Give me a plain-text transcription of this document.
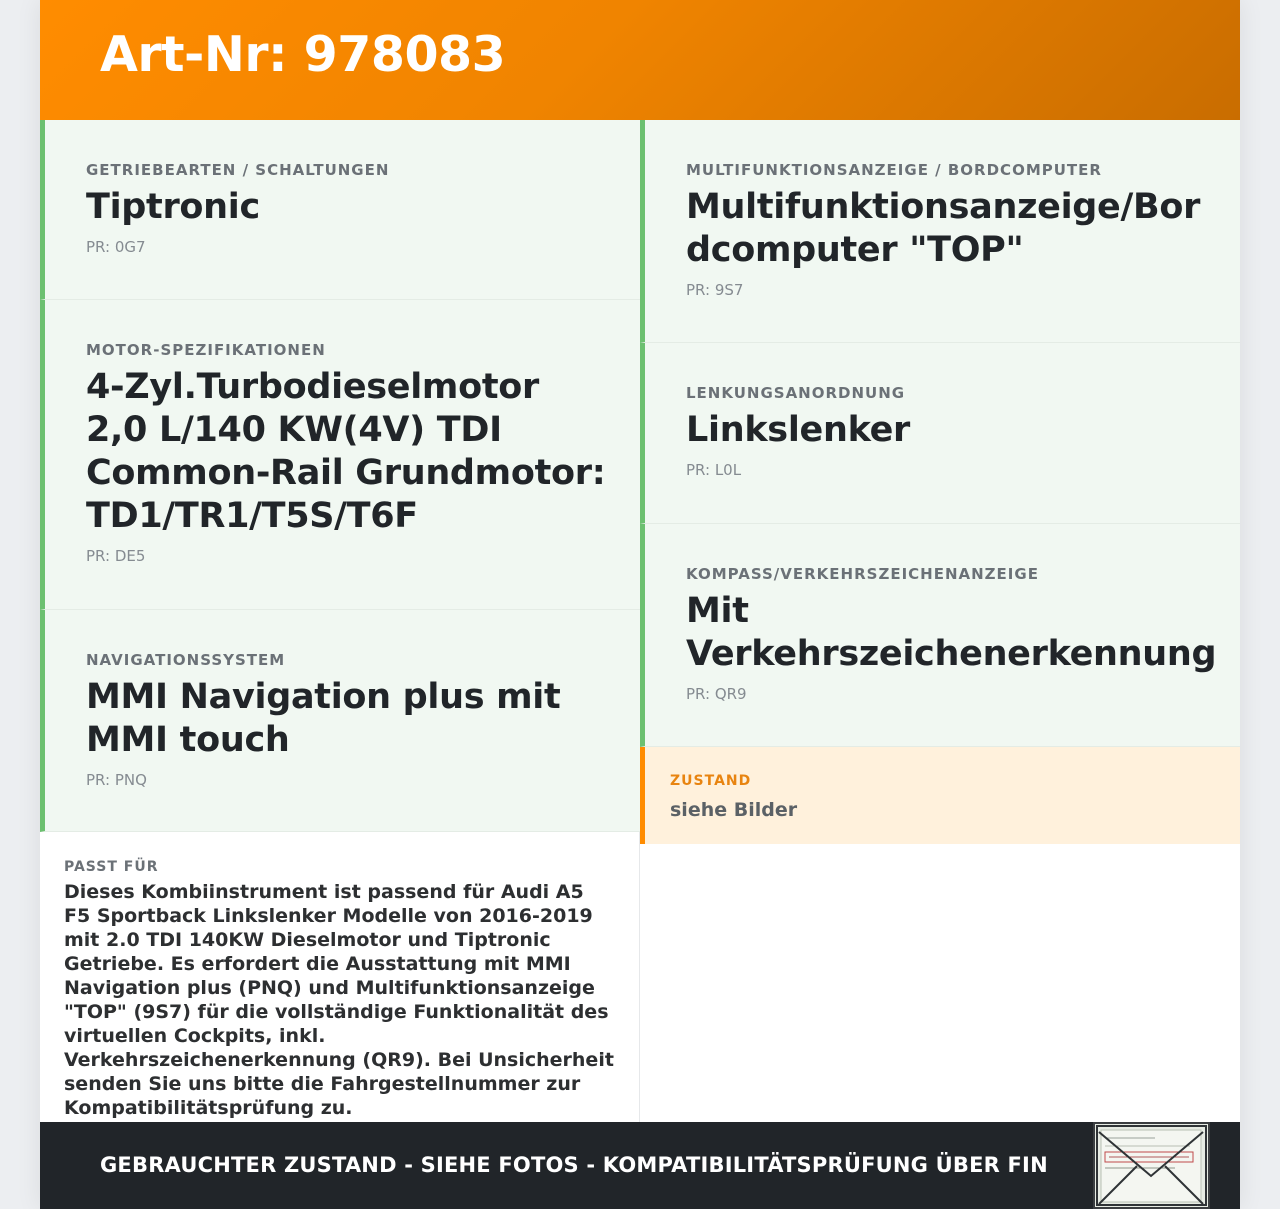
Art-Nr: 978083
GETRIEBEARTEN / SCHALTUNGEN
Tiptronic
PR: 0G7
MOTOR-SPEZIFIKATIONEN
4-Zyl.Turbodieselmotor 2,0 L/140 KW(4V) TDI Common-Rail Grundmotor: TD1/TR1/T5S/T6F
PR: DE5
NAVIGATIONSSYSTEM
MMI Navigation plus mit MMI touch
PR: PNQ
MULTIFUNKTIONSANZEIGE / BORDCOMPUTER
Multifunktionsanzeige/Bordcomputer "TOP"
PR: 9S7
LENKUNGSANORDNUNG
Linkslenker
PR: L0L
KOMPASS/VERKEHRSZEICHENANZEIGE
Mit Verkehrszeichenerkennung
PR: QR9
ZUSTAND
siehe Bilder
PASST FÜR
Dieses Kombiinstrument ist passend für Audi A5 F5 Sportback Linkslenker Modelle von 2016-2019 mit 2.0 TDI 140KW Dieselmotor und Tiptronic Getriebe. Es erfordert die Ausstattung mit MMI Navigation plus (PNQ) und Multifunktionsanzeige "TOP" (9S7) für die vollständige Funktionalität des virtuellen Cockpits, inkl. Verkehrszeichenerkennung (QR9). Bei Unsicherheit senden Sie uns bitte die Fahrgestellnummer zur Kompatibilitätsprüfung zu.
GEBRAUCHTER ZUSTAND - SIEHE FOTOS - KOMPATIBILITÄTSPRÜFUNG ÜBER FIN
